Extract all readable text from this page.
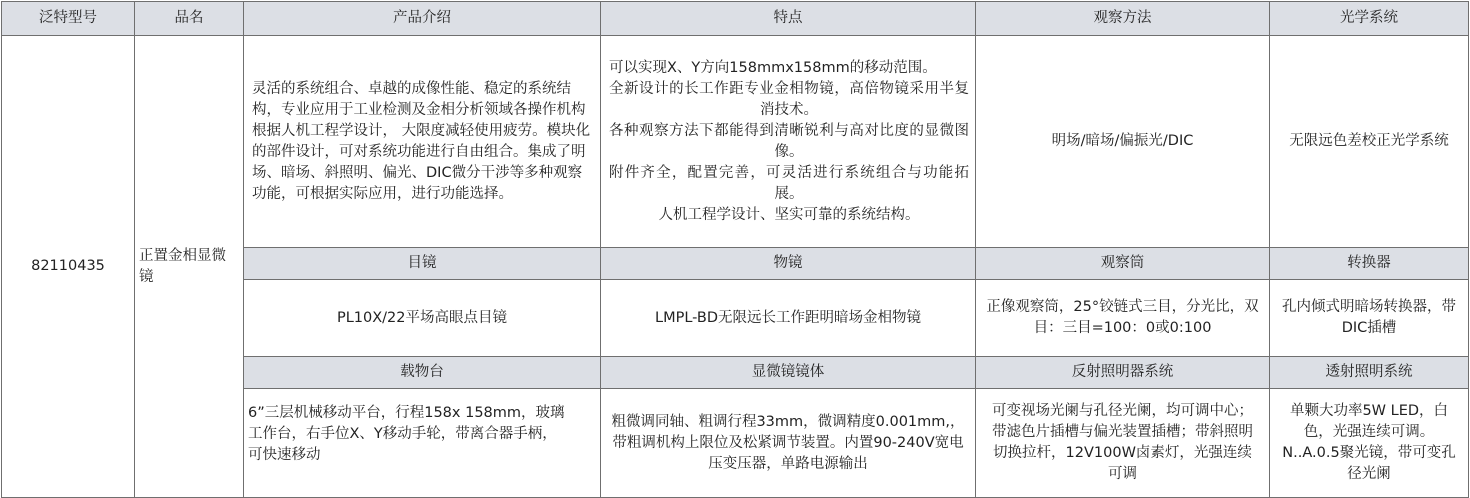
泛特型号	品名	产品介绍	特点	观察方法	光学系统
82110435	正置金相显微镜	灵活的系统组合、卓越的成像性能、稳定的系统结构，专业应用于工业检测及金相分析领域各操作机构根据人机工程学设计， 大限度减轻使用疲劳。模块化的部件设计，可对系统功能进行自由组合。集成了明场、暗场、斜照明、偏光、DIC微分干涉等多种观察功能，可根据实际应用，进行功能选择。	可以实现X、Y方向158mmx158mm的移动范围。
全新设计的长工作距专业金相物镜，高倍物镜采用半复消技术。
各种观察方法下都能得到清晰锐利与高对比度的显微图像。
附件齐全，配置完善，可灵活进行系统组合与功能拓展。
人机工程学设计、坚实可靠的系统结构。	明场/暗场/偏振光/DIC	无限远色差校正光学系统
		目镜	物镜	观察筒	转换器
		PL10X/22平场高眼点目镜	LMPL-BD无限远长工作距明暗场金相物镜	正像观察筒，25°铰链式三目，分光比，双目：三目=100：0或0:100	孔内倾式明暗场转换器，带DIC插槽
		载物台	显微镜镜体	反射照明器系统	透射照明系统
		6”三层机械移动平台，行程158x 158mm，玻璃工作台，右手位X、Y移动手轮，带离合器手柄，可快速移动	粗微调同轴、粗调行程33mm，微调精度0.001mm,，带粗调机构上限位及松紧调节装置。内置90-240V宽电压变压器，单路电源输出	可变视场光阑与孔径光阑，均可调中心；带滤色片插槽与偏光装置插槽；带斜照明切换拉杆，12V100W卤素灯，光强连续可调	单颗大功率5W LED，白色，光强连续可调。N..A.0.5聚光镜，带可变孔径光阑
